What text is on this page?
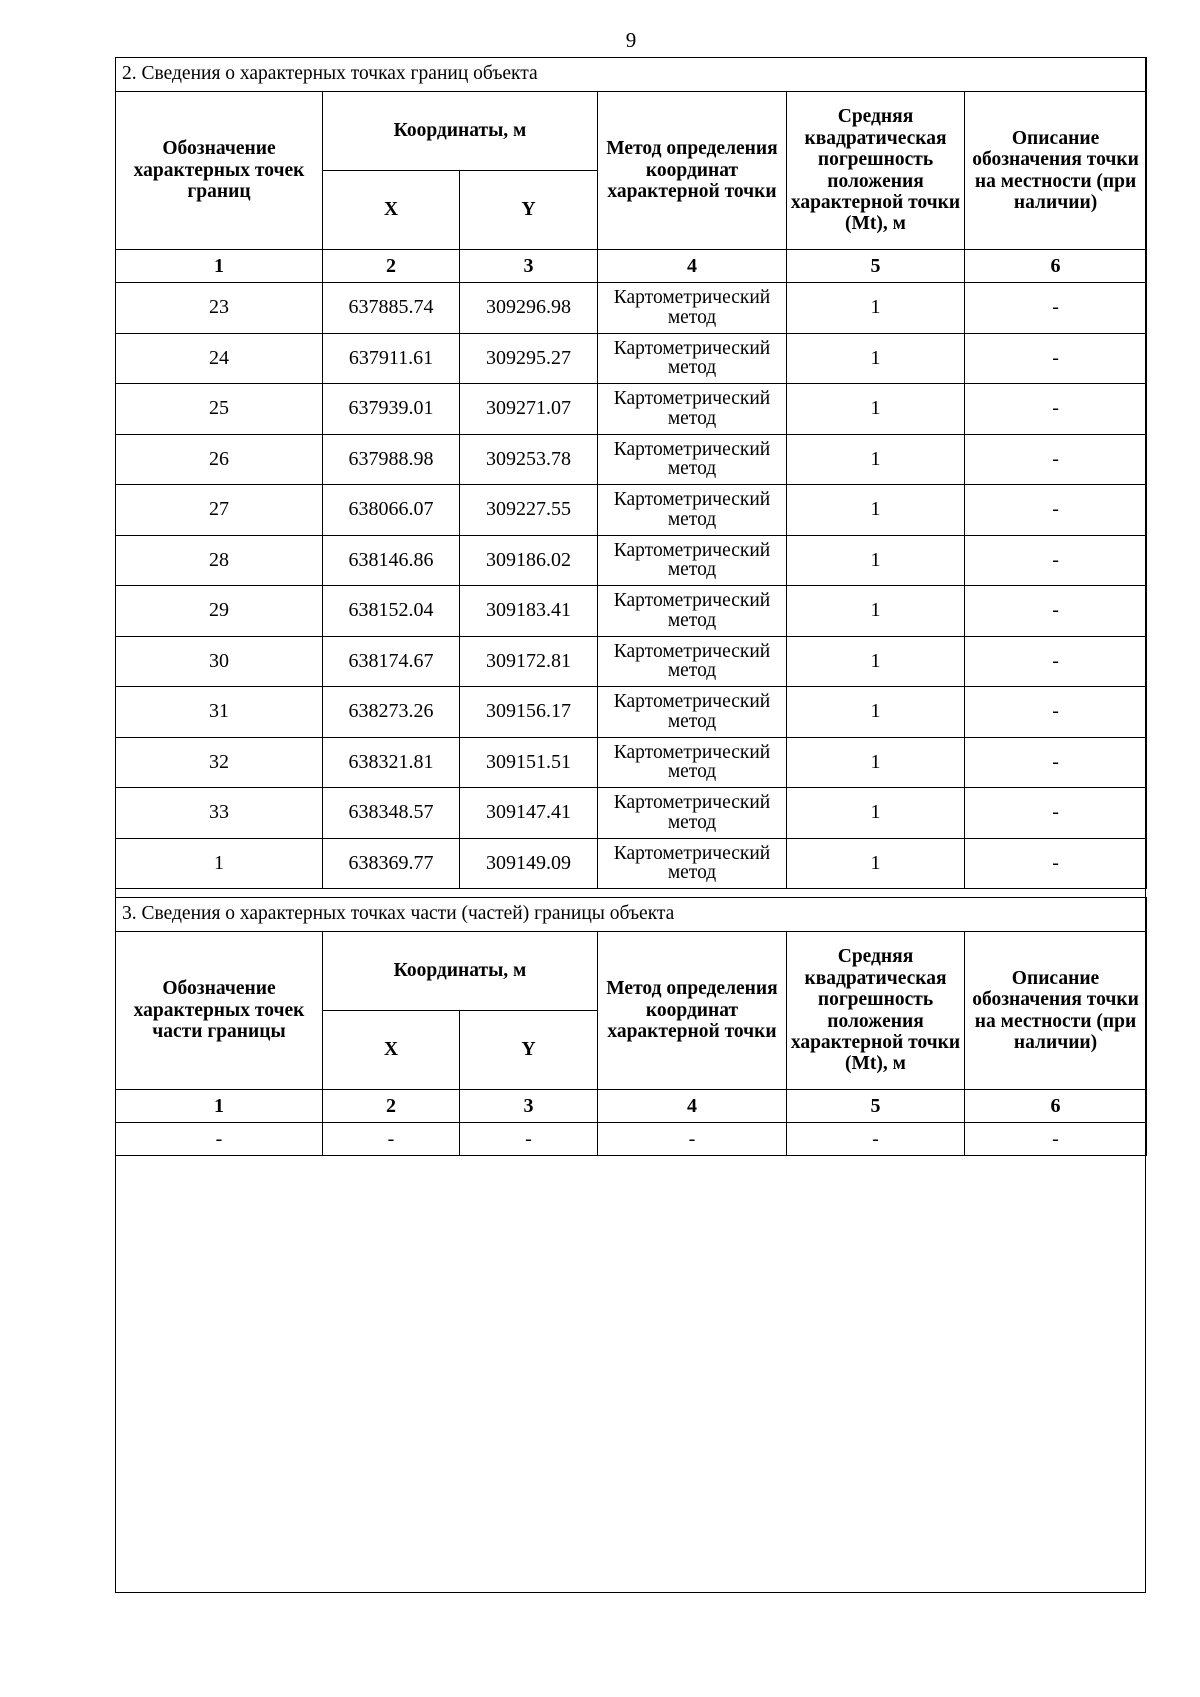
9
2. Сведения о характерных точках границ объекта					
Обозначение характерных точек границ	Координаты, м		Метод определения координат характерной точки	Средняя квадратическая погрешность положения характерной точки (Mt), м	Описание обозначения точки на местности (при наличии)
	X	Y			
1	2	3	4	5	6
23	637885.74	309296.98	Картометрический метод	1	-
24	637911.61	309295.27	Картометрический метод	1	-
25	637939.01	309271.07	Картометрический метод	1	-
26	637988.98	309253.78	Картометрический метод	1	-
27	638066.07	309227.55	Картометрический метод	1	-
28	638146.86	309186.02	Картометрический метод	1	-
29	638152.04	309183.41	Картометрический метод	1	-
30	638174.67	309172.81	Картометрический метод	1	-
31	638273.26	309156.17	Картометрический метод	1	-
32	638321.81	309151.51	Картометрический метод	1	-
33	638348.57	309147.41	Картометрический метод	1	-
1	638369.77	309149.09	Картометрический метод	1	-
3. Сведения о характерных точках части (частей) границы объекта					
Обозначение характерных точек части границы	Координаты, м		Метод определения координат характерной точки	Средняя квадратическая погрешность положения характерной точки (Mt), м	Описание обозначения точки на местности (при наличии)
	X	Y			
1	2	3	4	5	6
-	-	-	-	-	-
